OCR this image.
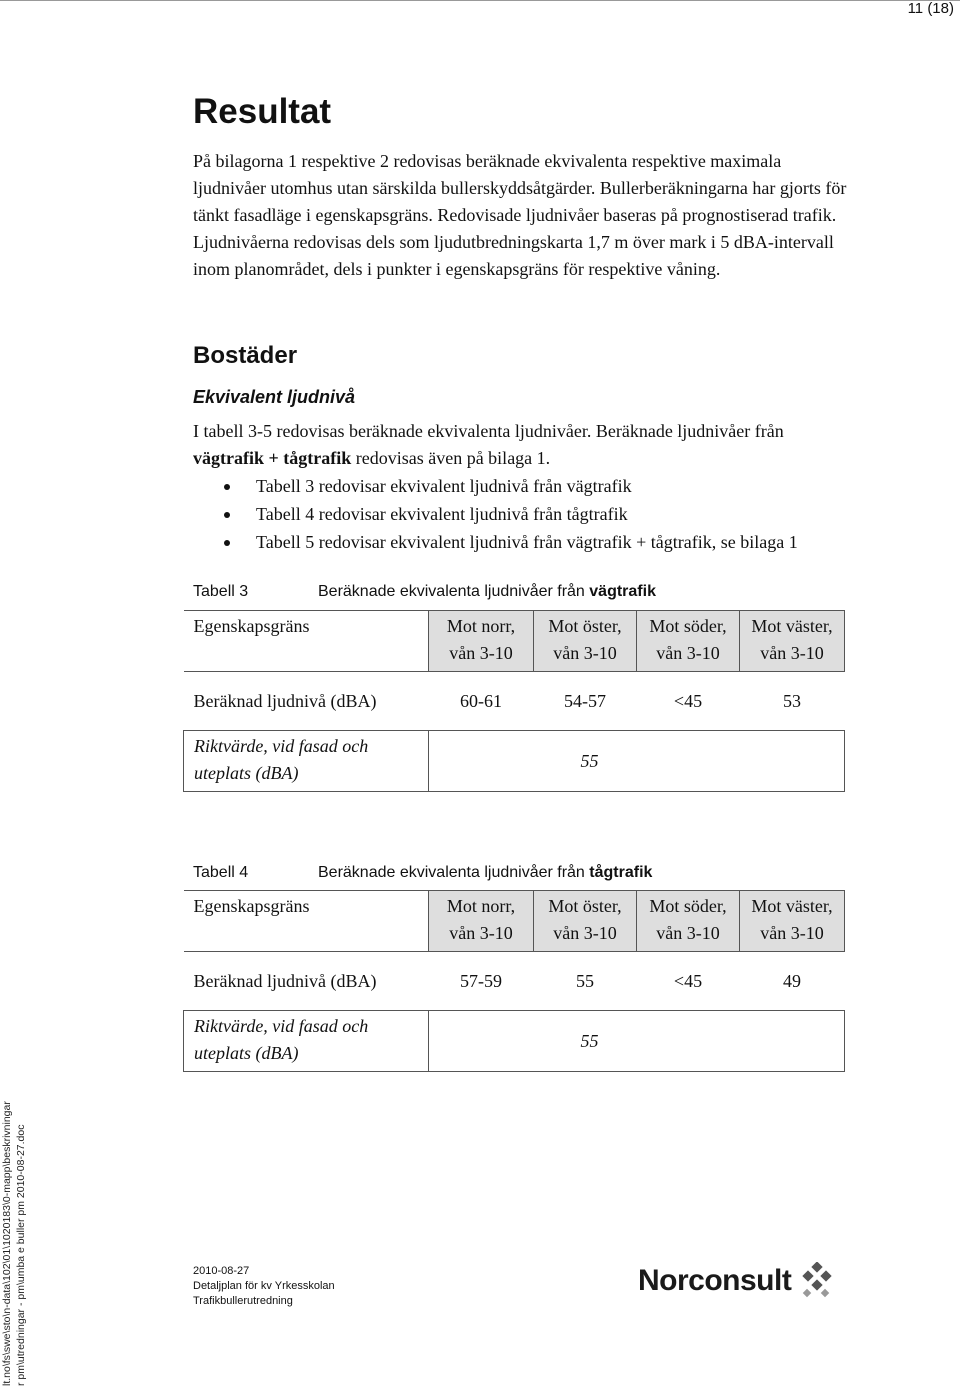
11 (18)
Resultat

På bilagorna 1 respektive 2 redovisas beräknade ekvivalenta respektive maximala ljudnivåer utomhus utan särskilda bullerskyddsåtgärder. Bullerberäkningarna har gjorts för tänkt fasadläge i egenskapsgräns. Redovisade ljudnivåer baseras på prognostiserad trafik. Ljudnivåerna redovisas dels som ljudutbredningskarta 1,7 m över mark i 5 dBA-intervall inom planområdet, dels i punkter i egenskapsgräns för respektive våning.

Bostäder
Ekvivalent ljudnivå

I tabell 3-5 redovisas beräknade ekvivalenta ljudnivåer. Beräknade ljudnivåer från vägtrafik + tågtrafik redovisas även på bilaga 1.

Tabell 3 redovisar ekvivalent ljudnivå från vägtrafik
Tabell 4 redovisar ekvivalent ljudnivå från tågtrafik
Tabell 5 redovisar ekvivalent ljudnivå från vägtrafik + tågtrafik, se bilaga 1
Tabell 3	Beräknade ekvivalenta ljudnivåer från vägtrafik
Egenskapsgräns	Mot norr, vån 3-10	Mot öster, vån 3-10	Mot söder, vån 3-10	Mot väster, vån 3-10
Beräknad ljudnivå (dBA)	60-61	54-57	<45	53
Riktvärde, vid fasad och uteplats (dBA)	55			
Tabell 4	Beräknade ekvivalenta ljudnivåer från tågtrafik
Egenskapsgräns	Mot norr, vån 3-10	Mot öster, vån 3-10	Mot söder, vån 3-10	Mot väster, vån 3-10
Beräknad ljudnivå (dBA)	57-59	55	<45	49
Riktvärde, vid fasad och uteplats (dBA)	55			
2010-08-27
Detaljplan för kv Yrkesskolan
Trafikbullerutredning
Norconsult
lt.no\fs\swe\sto\n-data\102\01\1020183\0-mapp\beskrivningar r pm\utredningar - pm\umba e buller pm 2010-08-27.doc
